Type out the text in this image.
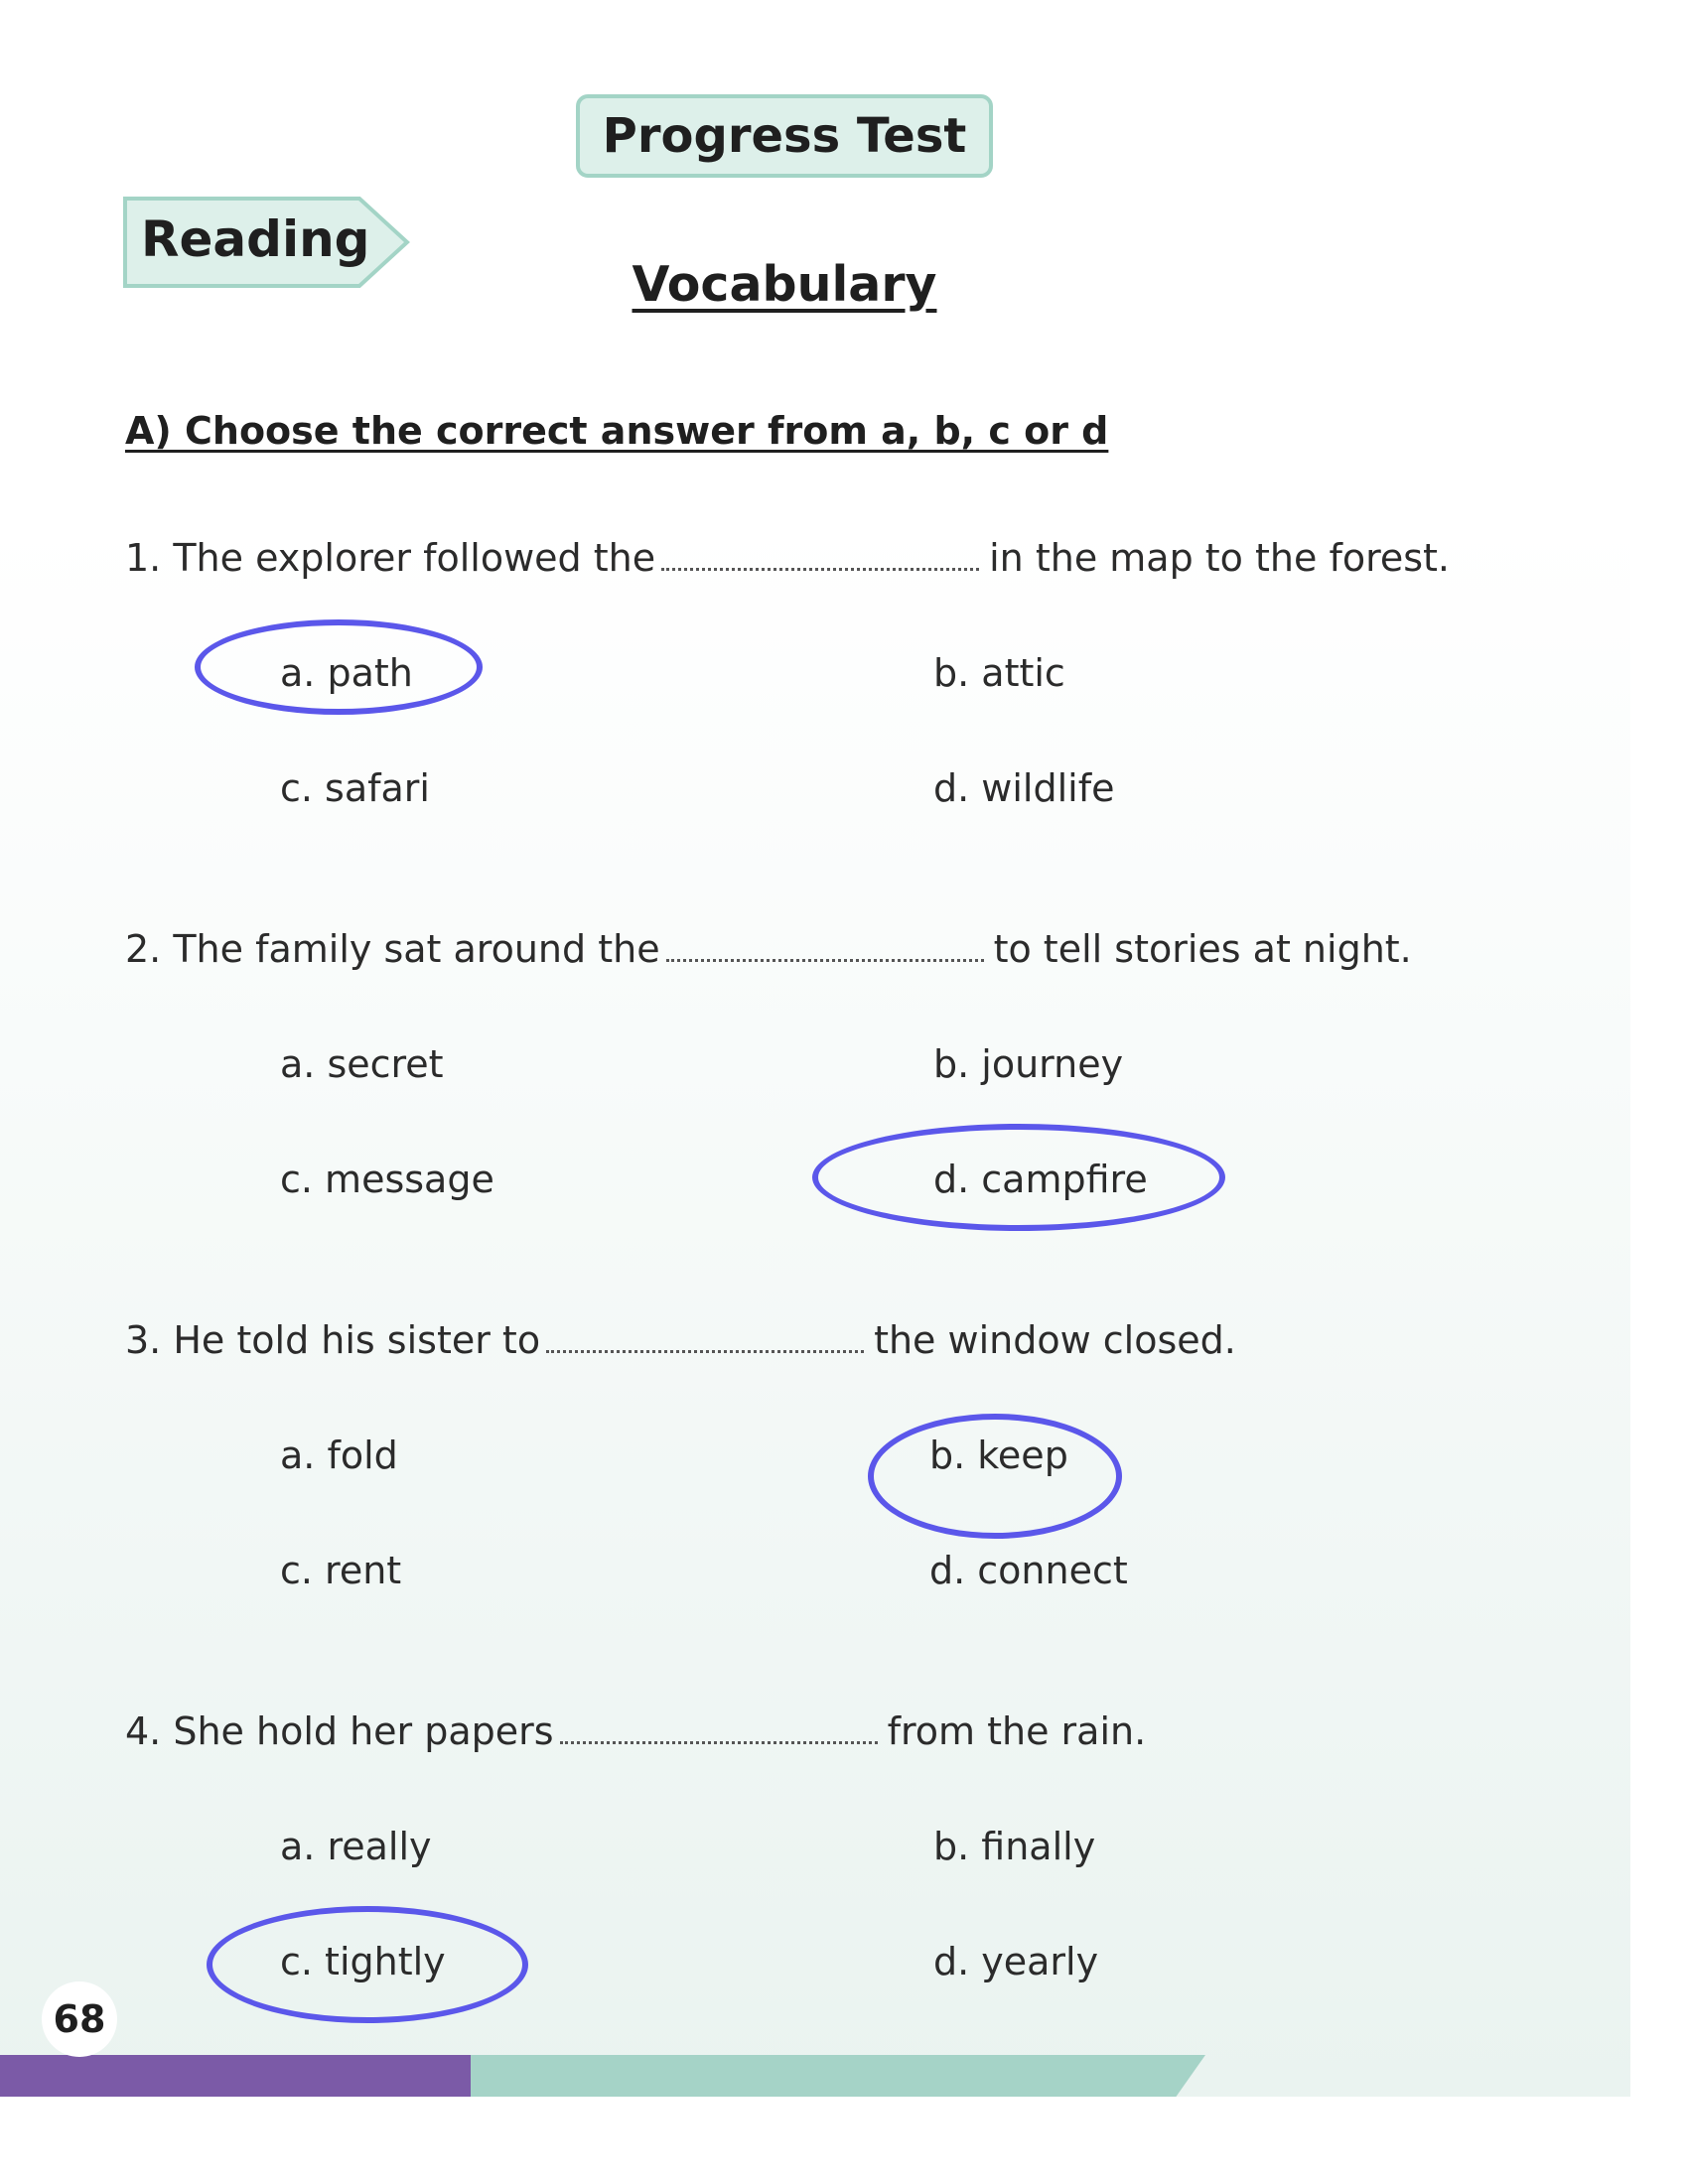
Progress Test
Reading
Vocabulary
A) Choose the correct answer from a, b, c or d
1. The explorer followed the	in the map to the forest.
a. path	b. attic
c. safari	d. wildlife
2. The family sat around the	to tell stories at night.
a. secret	b. journey
c. message	d. campfire
3. He told his sister to	the window closed.
a. fold	b. keep
c. rent	d. connect
4. She hold her papers	from the rain.
a. really	b. finally
c. tightly	d. yearly
68
